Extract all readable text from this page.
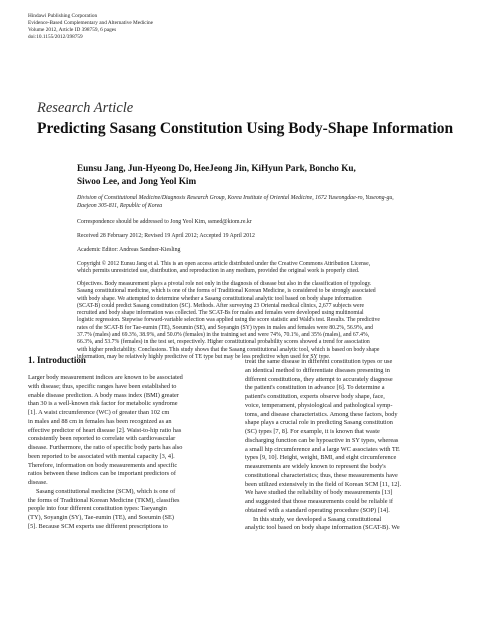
Hindawi Publishing Corporation
Evidence-Based Complementary and Alternative Medicine
Volume 2012, Article ID 398759, 6 pages
doi:10.1155/2012/398759
Research Article
Predicting Sasang Constitution Using Body-Shape Information
Eunsu Jang, Jun-Hyeong Do, HeeJeong Jin, KiHyun Park, Boncho Ku,
Siwoo Lee, and Jong Yeol Kim
Division of Constitutional Medicine/Diagnosis Research Group, Korea Institute of Oriental Medicine, 1672 Yuseongdae-ro, Yuseong-gu,
Daejeon 305-811, Republic of Korea
Correspondence should be addressed to Jong Yeol Kim, ssmed@kiom.re.kr
Received 28 February 2012; Revised 19 April 2012; Accepted 19 April 2012
Academic Editor: Andreas Sandner-Kiesling
Copyright © 2012 Eunsu Jang et al. This is an open access article distributed under the Creative Commons Attribution License,
which permits unrestricted use, distribution, and reproduction in any medium, provided the original work is properly cited.
Objectives. Body measurement plays a pivotal role not only in the diagnosis of disease but also in the classification of typology.
Sasang constitutional medicine, which is one of the forms of Traditional Korean Medicine, is considered to be strongly associated
with body shape. We attempted to determine whether a Sasang constitutional analytic tool based on body shape information
(SCAT-B) could predict Sasang constitution (SC). Methods. After surveying 23 Oriental medical clinics, 2,677 subjects were
recruited and body shape information was collected. The SCAT-Bs for males and females were developed using multinomial
logistic regression. Stepwise forward-variable selection was applied using the score statistic and Wald's test. Results. The predictive
rates of the SCAT-B for Tae-eumin (TE), Soeumin (SE), and Soyangin (SY) types in males and females were 80.2%, 56.9%, and
37.7% (males) and 69.3%, 38.9%, and 50.0% (females) in the training set and were 74%, 70.1%, and 35% (males), and 67.4%,
66.3%, and 53.7% (females) in the test set, respectively. Higher constitutional probability scores showed a trend for association
with higher predictability. Conclusions. This study shows that the Sasang constitutional analytic tool, which is based on body shape
information, may be relatively highly predictive of TE type but may be less predictive when used for SY type.
1. Introduction
Larger body measurement indices are known to be associated
with disease; thus, specific ranges have been established to
enable disease prediction. A body mass index (BMI) greater
than 30 is a well-known risk factor for metabolic syndrome
[1]. A waist circumference (WC) of greater than 102 cm
in males and 88 cm in females has been recognized as an
effective predictor of heart disease [2]. Waist-to-hip ratio has
consistently been reported to correlate with cardiovascular
disease. Furthermore, the ratio of specific body parts has also
been reported to be associated with mental capacity [3, 4].
Therefore, information on body measurements and specific
ratios between these indices can be important predictors of
disease.
Sasang constitutional medicine (SCM), which is one of
the forms of Traditional Korean Medicine (TKM), classifies
people into four different constitution types: Taeyangin
(TY), Soyangin (SY), Tae-eumin (TE), and Soeumin (SE)
[5]. Because SCM experts use different prescriptions to
treat the same disease in different constitution types or use
an identical method to differentiate diseases presenting in
different constitutions, they attempt to accurately diagnose
the patient's constitution in advance [6]. To determine a
patient's constitution, experts observe body shape, face,
voice, temperament, physiological and pathological symp-
toms, and disease characteristics. Among these factors, body
shape plays a crucial role in predicting Sasang constitution
(SC) types [7, 8]. For example, it is known that waste
discharging function can be hypoactive in SY types, whereas
a small hip circumference and a large WC associates with TE
types [9, 10]. Height, weight, BMI, and eight circumference
measurements are widely known to represent the body's
constitutional characteristics; thus, these measurements have
been utilized extensively in the field of Korean SCM [11, 12].
We have studied the reliability of body measurements [13]
and suggested that those measurements could be reliable if
obtained with a standard operating procedure (SOP) [14].
In this study, we developed a Sasang constitutional
analytic tool based on body shape information (SCAT-B). We
